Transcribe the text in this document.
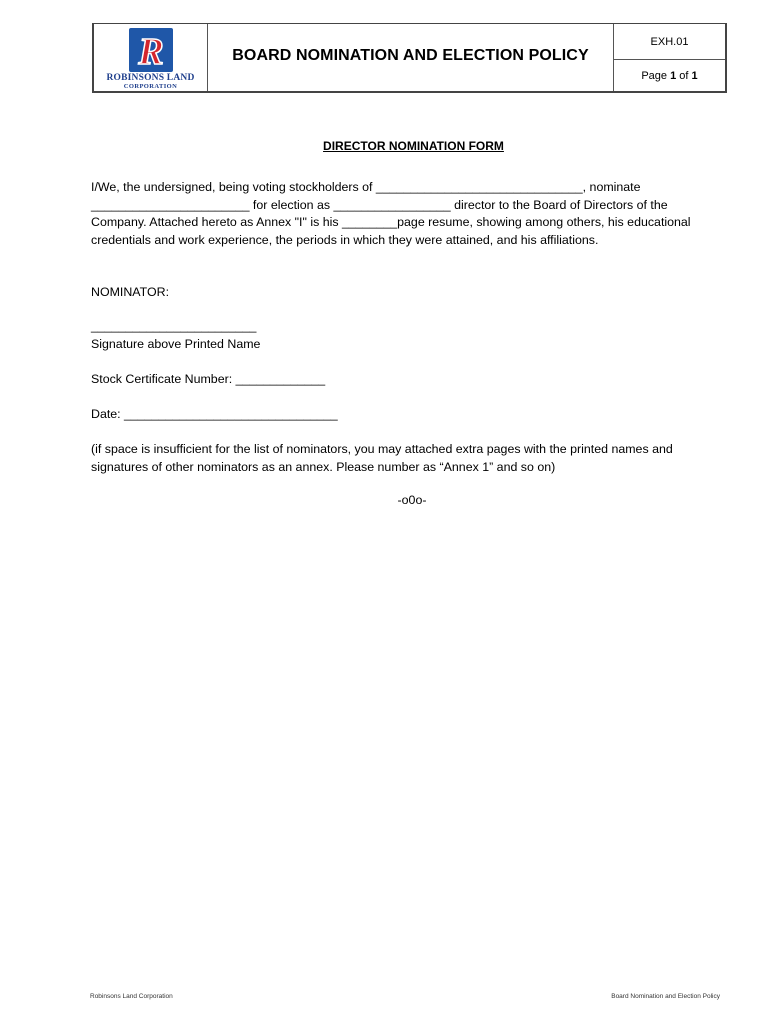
R
ROBINSONS LAND
CORPORATION
BOARD NOMINATION AND ELECTION POLICY
EXH.01
Page
1
of
1
DIRECTOR NOMINATION FORM
I/We, the undersigned, being voting stockholders of ______________________________, nominate
_______________________ for election as _________________ director to the Board of Directors of the
Company. Attached hereto as Annex "I" is his ________page resume, showing among others, his educational
credentials and work experience, the periods in which they were attained, and his affiliations.
NOMINATOR:
________________________
Signature above Printed Name
Stock Certificate Number: _____________
Date: _______________________________
(if space is insufficient for the list of nominators, you may attached extra pages with the printed names and
signatures of other nominators as an annex. Please number as “Annex 1” and so on)
-o0o-
Robinsons Land Corporation	Board Nomination and Election Policy
